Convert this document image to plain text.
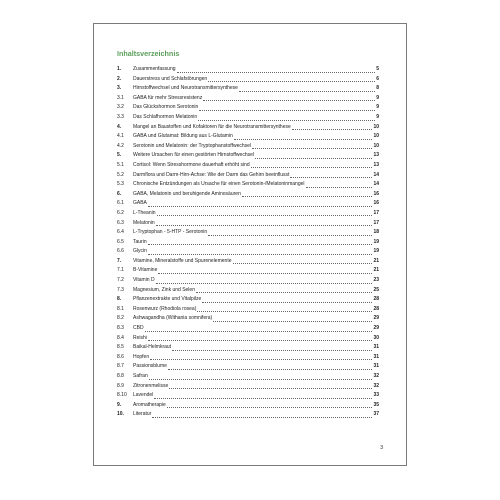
Inhaltsverzeichnis
1.	Zusammenfassung	5
2.	Dauerstress und Schlafstörungen	6
3.	Hirnstoffwechsel und Neurotransmittersynthese	8
3.1	GABA für mehr Stressresistenz	9
3.2	Das Glückshormon Serotonin	9
3.3	Das Schlafhormon Melatonin	9
4.	Mangel an Baustoffen und Kofaktoren für die Neurotransmittersynthese	10
4.1	GABA und Glutamat: Bildung aus L-Glutamin	10
4.2	Serotonin und Melatonin: der Tryptophanstoffwechsel	10
5.	Weitere Ursachen für einen gestörten Hirnstoffwechsel	13
5.1	Cortisol: Wenn Stresshormone dauerhaft erhöht sind	13
5.2	Darmflora und Darm-Hirn-Achse: Wie der Darm das Gehirn beeinflusst	14
5.3	Chronische Entzündungen als Ursache für einen Serotonin-/Melatoninmangel	14
6.	GABA, Melatonin und beruhigende Aminosäuren	16
6.1	GABA	16
6.2	L-Theanin	17
6.3	Melatonin	17
6.4	L-Tryptophan - 5-HTP - Serotonin	18
6.5	Taurin	19
6.6	Glycin	19
7.	Vitamine, Mineralstoffe und Spurenelemente	21
7.1	B-Vitamine	21
7.2	Vitamin D	23
7.3	Magnesium, Zink und Selen	25
8.	Pflanzenextrakte und Vitalpilze	28
8.1	Rosenwurz (Rhodiola rosea)	28
8.2	Ashwagandha (Withania somnifera)	29
8.3	CBD	29
8.4	Reishi	30
8.5	Baikal-Helmkraut	31
8.6	Hopfen	31
8.7	Passionsblume	31
8.8	Safran	32
8.9	Zitronenmelisse	32
8.10	Lavendel	33
9.	Aromatherapie	35
10.	Literatur	37
3
